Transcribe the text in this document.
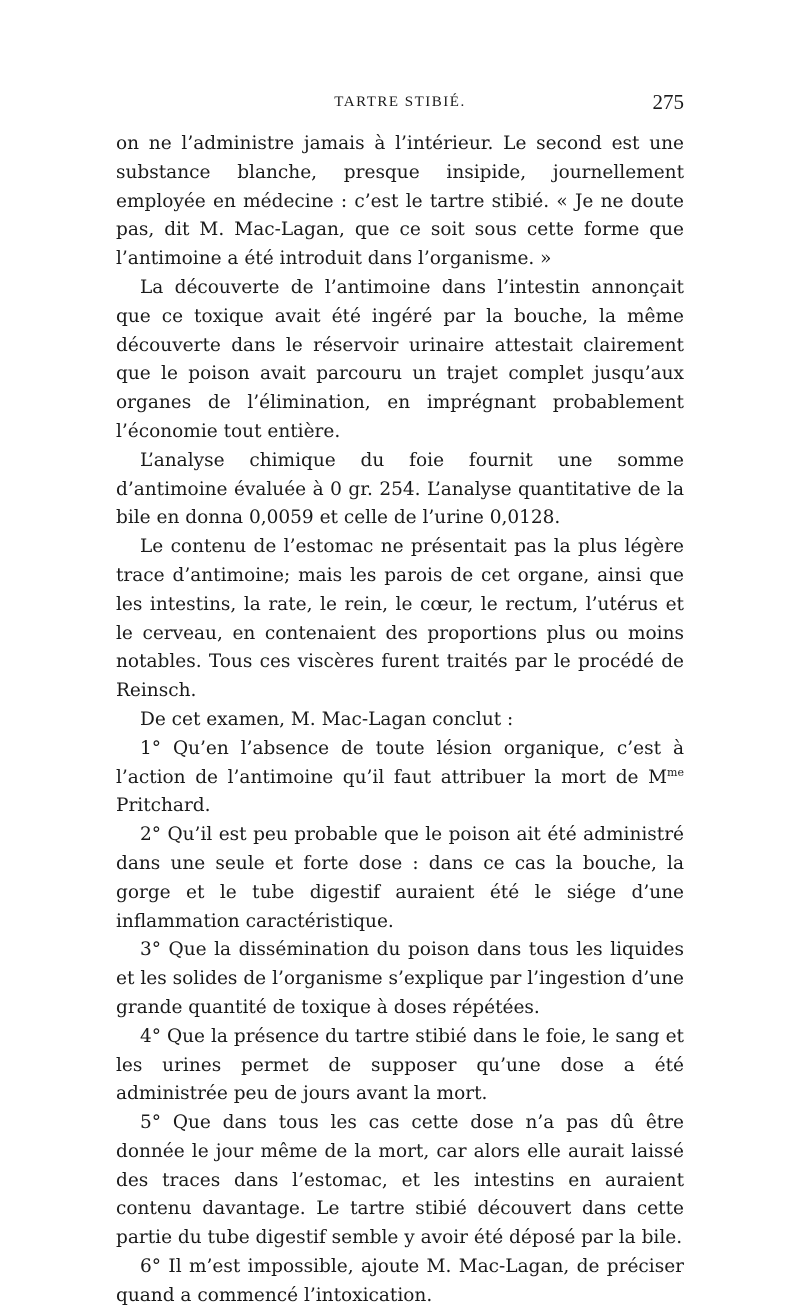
TARTRE STIBIÉ.	275

on ne l’administre jamais à l’intérieur. Le second est une substance blanche, presque insipide, journellement employée en médecine : c’est le tartre stibié. « Je ne doute pas, dit M. Mac-Lagan, que ce soit sous cette forme que l’antimoine a été introduit dans l’organisme. »

La découverte de l’antimoine dans l’intestin annonçait que ce toxique avait été ingéré par la bouche, la même découverte dans le réservoir urinaire attestait clairement que le poison avait parcouru un trajet complet jusqu’aux organes de l’élimination, en imprégnant probablement l’économie tout entière.

L’analyse chimique du foie fournit une somme d’antimoine évaluée à 0 gr. 254. L’analyse quantitative de la bile en donna 0,0059 et celle de l’urine 0,0128.

Le contenu de l’estomac ne présentait pas la plus légère trace d’antimoine; mais les parois de cet organe, ainsi que les intestins, la rate, le rein, le cœur, le rectum, l’utérus et le cerveau, en contenaient des proportions plus ou moins notables. Tous ces viscères furent traités par le procédé de Reinsch.

De cet examen, M. Mac-Lagan conclut :

1° Qu’en l’absence de toute lésion organique, c’est à l’action de l’antimoine qu’il faut attribuer la mort de $M^{me}$ Pritchard.

2° Qu’il est peu probable que le poison ait été administré dans une seule et forte dose : dans ce cas la bouche, la gorge et le tube digestif auraient été le siége d’une inflammation caractéristique.

3° Que la dissémination du poison dans tous les liquides et les solides de l’organisme s’explique par l’ingestion d’une grande quantité de toxique à doses répétées.

4° Que la présence du tartre stibié dans le foie, le sang et les urines permet de supposer qu’une dose a été administrée peu de jours avant la mort.

5° Que dans tous les cas cette dose n’a pas dû être donnée le jour même de la mort, car alors elle aurait laissé des traces dans l’estomac, et les intestins en auraient contenu davantage. Le tartre stibié découvert dans cette partie du tube digestif semble y avoir été déposé par la bile.

6° Il m’est impossible, ajoute M. Mac-Lagan, de préciser quand a commencé l’intoxication.
